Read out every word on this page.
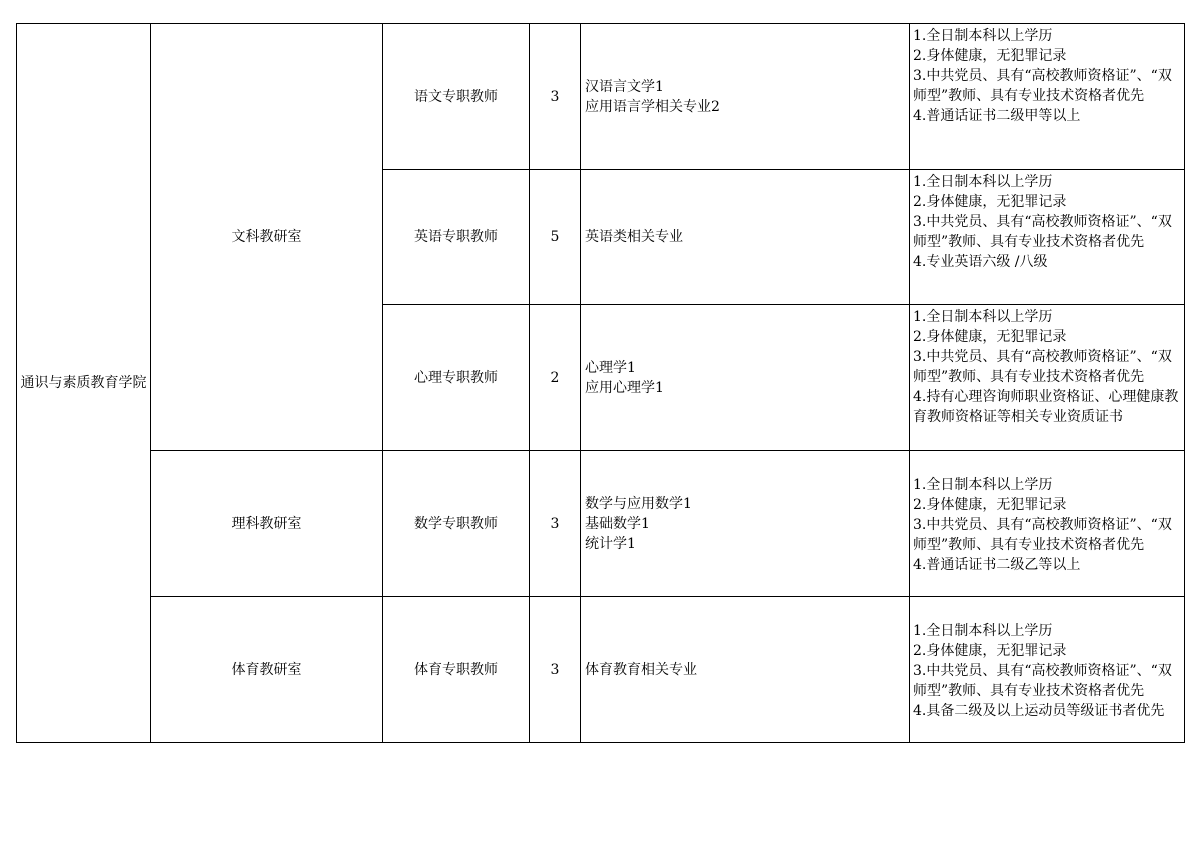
通识与素质教育学院	文科教研室	语文专职教师	3	汉语言文学1
应用语言学相关专业2	1.全日制本科以上学历
2.身体健康，无犯罪记录
3.中共党员、具有“高校教师资格证”、“双师型”教师、具有专业技术资格者优先
4.普通话证书二级甲等以上

		英语专职教师	5	英语类相关专业	1.全日制本科以上学历
2.身体健康，无犯罪记录
3.中共党员、具有“高校教师资格证”、“双师型”教师、具有专业技术资格者优先
4.专业英语六级 /八级

		心理专职教师	2	心理学1
应用心理学1	1.全日制本科以上学历
2.身体健康，无犯罪记录
3.中共党员、具有“高校教师资格证”、“双师型”教师、具有专业技术资格者优先
4.持有心理咨询师职业资格证、心理健康教育教师资格证等相关专业资质证书

	理科教研室	数学专职教师	3	数学与应用数学1
基础数学1
统计学1	1.全日制本科以上学历
2.身体健康，无犯罪记录
3.中共党员、具有“高校教师资格证”、“双师型”教师、具有专业技术资格者优先
4.普通话证书二级乙等以上

	体育教研室	体育专职教师	3	体育教育相关专业	1.全日制本科以上学历
2.身体健康，无犯罪记录
3.中共党员、具有“高校教师资格证”、“双师型”教师、具有专业技术资格者优先
4.具备二级及以上运动员等级证书者优先
